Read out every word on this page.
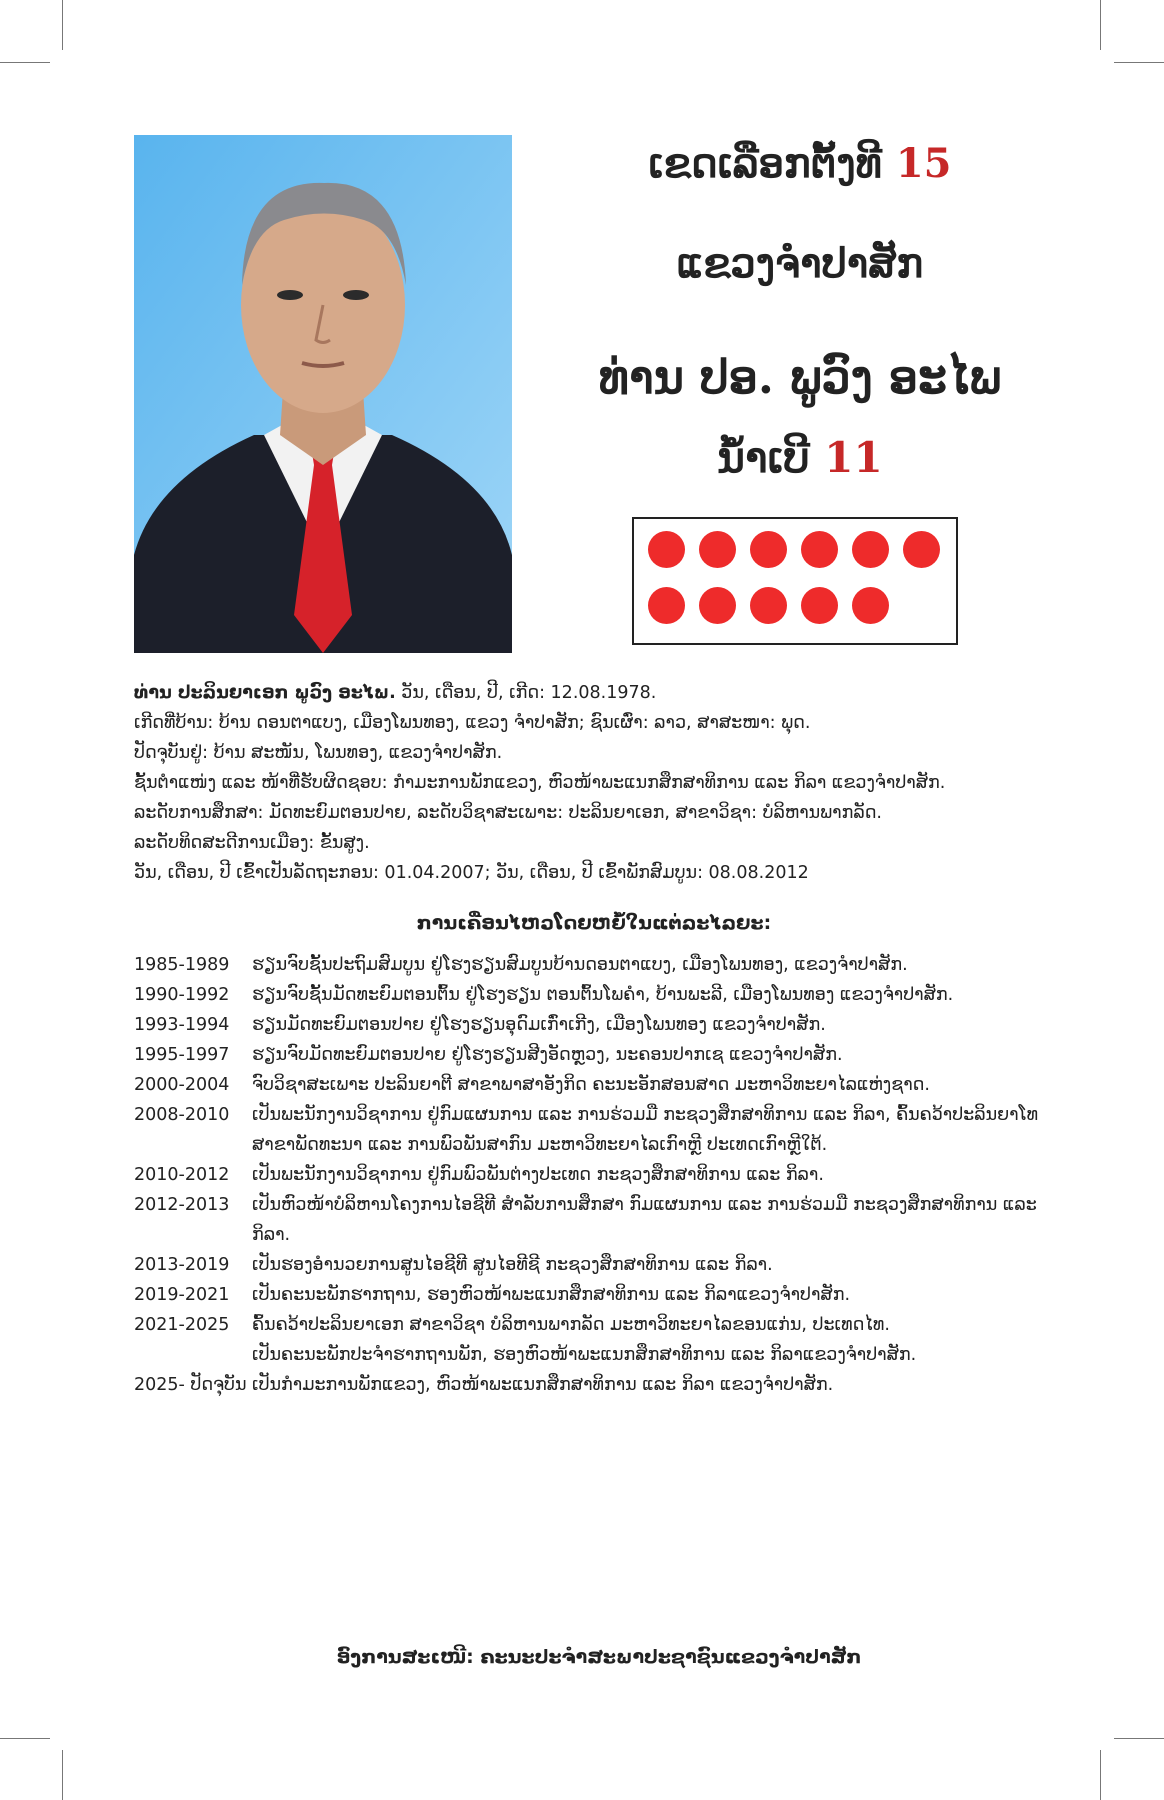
ເຂດເລືອກຕັ້ງທີ 15
ແຂວງຈຳປາສັກ
ທ່ານ ປອ. ພູວົງ ອະໄພ
ນ້ຳເບີ 11
ທ່ານ ປະລິນຍາເອກ ພູວົງ ອະໄພ. ວັນ, ເດືອນ, ປີ, ເກີດ: 12.08.1978.
ເກີດທີ່ບ້ານ: ບ້ານ ດອນຕາແບງ, ເມືອງໂພນທອງ, ແຂວງ ຈຳປາສັກ; ຊົນເຜົ່າ: ລາວ, ສາສະໜາ: ພຸດ.
ປັດຈຸບັນຢູ່: ບ້ານ ສະໜັນ, ໂພນທອງ, ແຂວງຈຳປາສັກ.
ຊັ້ນຕຳແໜ່ງ ແລະ ໜ້າທີ່ຮັບຜິດຊອບ: ກຳມະການພັກແຂວງ, ຫົວໜ້າພະແນກສຶກສາທິການ ແລະ ກິລາ ແຂວງຈຳປາສັກ.
ລະດັບການສຶກສາ: ມັດທະຍົມຕອນປາຍ, ລະດັບວິຊາສະເພາະ: ປະລິນຍາເອກ, ສາຂາວິຊາ: ບໍລິຫານພາກລັດ.
ລະດັບທິດສະດີການເມືອງ: ຂັ້ນສູງ.
ວັນ, ເດືອນ, ປີ ເຂົ້າເປັນລັດຖະກອນ: 01.04.2007; ວັນ, ເດືອນ, ປີ ເຂົ້າພັກສົມບູນ: 08.08.2012
ການເຄື່ອນໄຫວໂດຍຫຍໍ້ໃນແຕ່ລະໄລຍະ:
1985-1989	ຮຽນຈົບຊັ້ນປະຖົມສົມບູນ ຢູ່ໂຮງຮຽນສົມບູນບ້ານດອນຕາແບງ, ເມືອງໂພນທອງ, ແຂວງຈຳປາສັກ.
1990-1992	ຮຽນຈົບຊັ້ນມັດທະຍົມຕອນຕົ້ນ ຢູ່ໂຮງຮຽນ ຕອນຕົ້ນໂພຄຳ, ບ້ານພະລີ, ເມືອງໂພນທອງ ແຂວງຈຳປາສັກ.
1993-1994	ຮຽນມັດທະຍົມຕອນປາຍ ຢູ່ໂຮງຮຽນອຸດົມເກົ່າເກີງ, ເມືອງໂພນທອງ ແຂວງຈຳປາສັກ.
1995-1997	ຮຽນຈົບມັດທະຍົມຕອນປາຍ ຢູ່ໂຮງຮຽນສີງອັດຫຼວງ, ນະຄອນປາກເຊ ແຂວງຈຳປາສັກ.
2000-2004	ຈົບວິຊາສະເພາະ ປະລິນຍາຕີ ສາຂາພາສາອັງກິດ ຄະນະອັກສອນສາດ ມະຫາວິທະຍາໄລແຫ່ງຊາດ.
2008-2010	ເປັນພະນັກງານວິຊາການ ຢູ່ກົມແຜນການ ແລະ ການຮ່ວມມື ກະຊວງສຶກສາທິການ ແລະ ກິລາ, ຄົ້ນຄວ້າປະລິນຍາໂທ ສາຂາພັດທະນາ ແລະ ການພົວພັນສາກົນ ມະຫາວິທະຍາໄລເກົາຫຼີ ປະເທດເກົາຫຼີໃຕ້.
2010-2012	ເປັນພະນັກງານວິຊາການ ຢູ່ກົມພົວພັນຕ່າງປະເທດ ກະຊວງສຶກສາທິການ ແລະ ກິລາ.
2012-2013	ເປັນຫົວໜ້າບໍລິຫານໂຄງການໄອຊີທີ ສຳລັບການສຶກສາ ກົມແຜນການ ແລະ ການຮ່ວມມື ກະຊວງສຶກສາທິການ ແລະ ກິລາ.
2013-2019	ເປັນຮອງອຳນວຍການສູນໄອຊີທີ ສູນໄອທີຊີ ກະຊວງສຶກສາທິການ ແລະ ກິລາ.
2019-2021	ເປັນຄະນະພັກຮາກຖານ, ຮອງຫົວໜ້າພະແນກສຶກສາທິການ ແລະ ກິລາແຂວງຈຳປາສັກ.
2021-2025	ຄົ້ນຄວ້າປະລິນຍາເອກ ສາຂາວິຊາ ບໍລິຫານພາກລັດ ມະຫາວິທະຍາໄລຂອນແກ່ນ, ປະເທດໄທ.
ເປັນຄະນະພັກປະຈຳຮາກຖານພັກ, ຮອງຫົວໜ້າພະແນກສຶກສາທິການ ແລະ ກິລາແຂວງຈຳປາສັກ.
2025- ປັດຈຸບັນ ເປັນກຳມະການພັກແຂວງ, ຫົວໜ້າພະແນກສຶກສາທິການ ແລະ ກິລາ ແຂວງຈຳປາສັກ.
ອົງການສະເໜີ: ຄະນະປະຈຳສະພາປະຊາຊົນແຂວງຈຳປາສັກ
